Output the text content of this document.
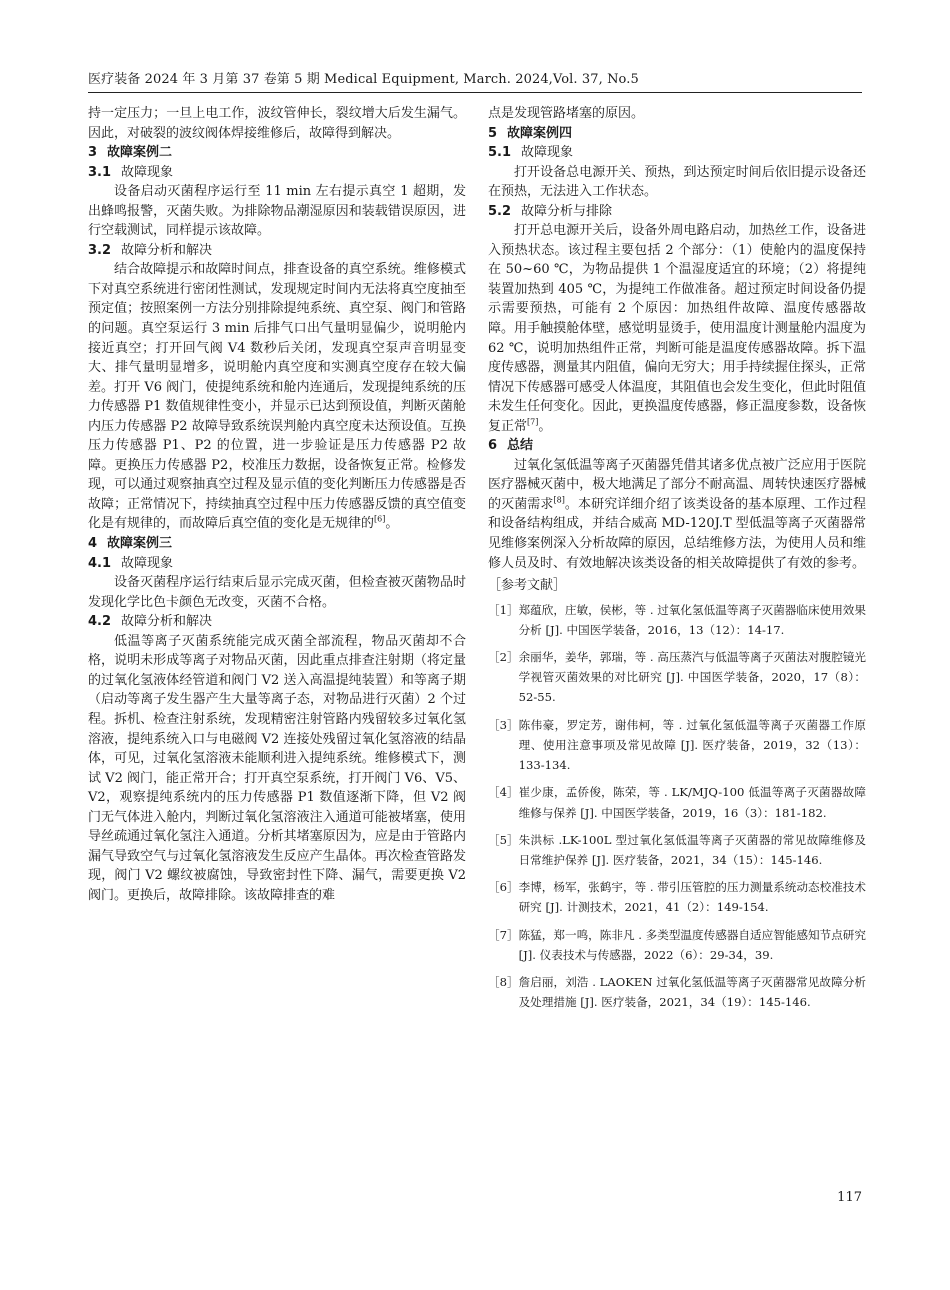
医疗装备 2024 年 3 月第 37 卷第 5 期 Medical Equipment, March. 2024,Vol. 37, No.5

持一定压力；一旦上电工作，波纹管伸长，裂纹增大后发生漏气。因此，对破裂的波纹阀体焊接维修后，故障得到解决。

3 故障案例二
3.1 故障现象

设备启动灭菌程序运行至 11 min 左右提示真空 1 超期，发出蜂鸣报警，灭菌失败。为排除物品潮湿原因和装载错误原因，进行空载测试，同样提示该故障。

3.2 故障分析和解决

结合故障提示和故障时间点，排查设备的真空系统。维修模式下对真空系统进行密闭性测试，发现规定时间内无法将真空度抽至预定值；按照案例一方法分别排除提纯系统、真空泵、阀门和管路的问题。真空泵运行 3 min 后排气口出气量明显偏少，说明舱内接近真空；打开回气阀 V4 数秒后关闭，发现真空泵声音明显变大、排气量明显增多，说明舱内真空度和实测真空度存在较大偏差。打开 V6 阀门，使提纯系统和舱内连通后，发现提纯系统的压力传感器 P1 数值规律性变小，并显示已达到预设值，判断灭菌舱内压力传感器 P2 故障导致系统误判舱内真空度未达预设值。互换压力传感器 P1、P2 的位置，进一步验证是压力传感器 P2 故障。更换压力传感器 P2，校准压力数据，设备恢复正常。检修发现，可以通过观察抽真空过程及显示值的变化判断压力传感器是否故障；正常情况下，持续抽真空过程中压力传感器反馈的真空值变化是有规律的，而故障后真空值的变化是无规律的[6]。

4 故障案例三
4.1 故障现象

设备灭菌程序运行结束后显示完成灭菌，但检查被灭菌物品时发现化学比色卡颜色无改变，灭菌不合格。

4.2 故障分析和解决

低温等离子灭菌系统能完成灭菌全部流程，物品灭菌却不合格，说明未形成等离子对物品灭菌，因此重点排查注射期（将定量的过氧化氢液体经管道和阀门 V2 送入高温提纯装置）和等离子期（启动等离子发生器产生大量等离子态，对物品进行灭菌）2 个过程。拆机、检查注射系统，发现精密注射管路内残留较多过氧化氢溶液，提纯系统入口与电磁阀 V2 连接处残留过氧化氢溶液的结晶体，可见，过氧化氢溶液未能顺利进入提纯系统。维修模式下，测试 V2 阀门，能正常开合；打开真空泵系统，打开阀门 V6、V5、V2，观察提纯系统内的压力传感器 P1 数值逐渐下降，但 V2 阀门无气体进入舱内，判断过氧化氢溶液注入通道可能被堵塞，使用导丝疏通过氧化氢注入通道。分析其堵塞原因为，应是由于管路内漏气导致空气与过氧化氢溶液发生反应产生晶体。再次检查管路发现，阀门 V2 螺纹被腐蚀，导致密封性下降、漏气，需要更换 V2 阀门。更换后，故障排除。该故障排查的难

点是发现管路堵塞的原因。

5 故障案例四
5.1 故障现象

打开设备总电源开关、预热，到达预定时间后依旧提示设备还在预热，无法进入工作状态。

5.2 故障分析与排除

打开总电源开关后，设备外周电路启动，加热丝工作，设备进入预热状态。该过程主要包括 2 个部分：（1）使舱内的温度保持在 50~60 ℃，为物品提供 1 个温湿度适宜的环境；（2）将提纯装置加热到 405 ℃，为提纯工作做准备。超过预定时间设备仍提示需要预热，可能有 2 个原因：加热组件故障、温度传感器故障。用手触摸舱体壁，感觉明显烫手，使用温度计测量舱内温度为 62 ℃，说明加热组件正常，判断可能是温度传感器故障。拆下温度传感器，测量其内阻值，偏向无穷大；用手持续握住探头，正常情况下传感器可感受人体温度，其阻值也会发生变化，但此时阻值未发生任何变化。因此，更换温度传感器，修正温度参数，设备恢复正常[7]。

6 总结

过氧化氢低温等离子灭菌器凭借其诸多优点被广泛应用于医院医疗器械灭菌中，极大地满足了部分不耐高温、周转快速医疗器械的灭菌需求[8]。本研究详细介绍了该类设备的基本原理、工作过程和设备结构组成，并结合威高 MD-120J.T 型低温等离子灭菌器常见维修案例深入分析故障的原因，总结维修方法，为使用人员和维修人员及时、有效地解决该类设备的相关故障提供了有效的参考。

［参考文献］
［1］ 郑蕴欣，庄敏，侯彬，等 . 过氧化氢低温等离子灭菌器临床使用效果分析 [J]. 中国医学装备，2016，13（12）：14-17.
［2］ 余丽华，姜华，郭瑞，等 . 高压蒸汽与低温等离子灭菌法对腹腔镜光学视管灭菌效果的对比研究 [J]. 中国医学装备，2020，17（8）：52-55.
［3］ 陈伟豪，罗定芳，谢伟柯，等 . 过氧化氢低温等离子灭菌器工作原理、使用注意事项及常见故障 [J]. 医疗装备，2019，32（13）：133-134.
［4］ 崔少康，孟侨俊，陈荣，等 . LK/MJQ-100 低温等离子灭菌器故障维修与保养 [J]. 中国医学装备，2019，16（3）：181-182.
［5］ 朱洪标 .LK-100L 型过氧化氢低温等离子灭菌器的常见故障维修及日常维护保养 [J]. 医疗装备，2021，34（15）：145-146.
［6］ 李博，杨军，张鹤宇，等 . 带引压管腔的压力测量系统动态校准技术研究 [J]. 计测技术，2021，41（2）：149-154.
［7］ 陈猛，郑一鸣，陈非凡 . 多类型温度传感器自适应智能感知节点研究 [J]. 仪表技术与传感器，2022（6）：29-34，39.
［8］ 詹启丽，刘浩 . LAOKEN 过氧化氢低温等离子灭菌器常见故障分析及处理措施 [J]. 医疗装备，2021，34（19）：145-146.
117
